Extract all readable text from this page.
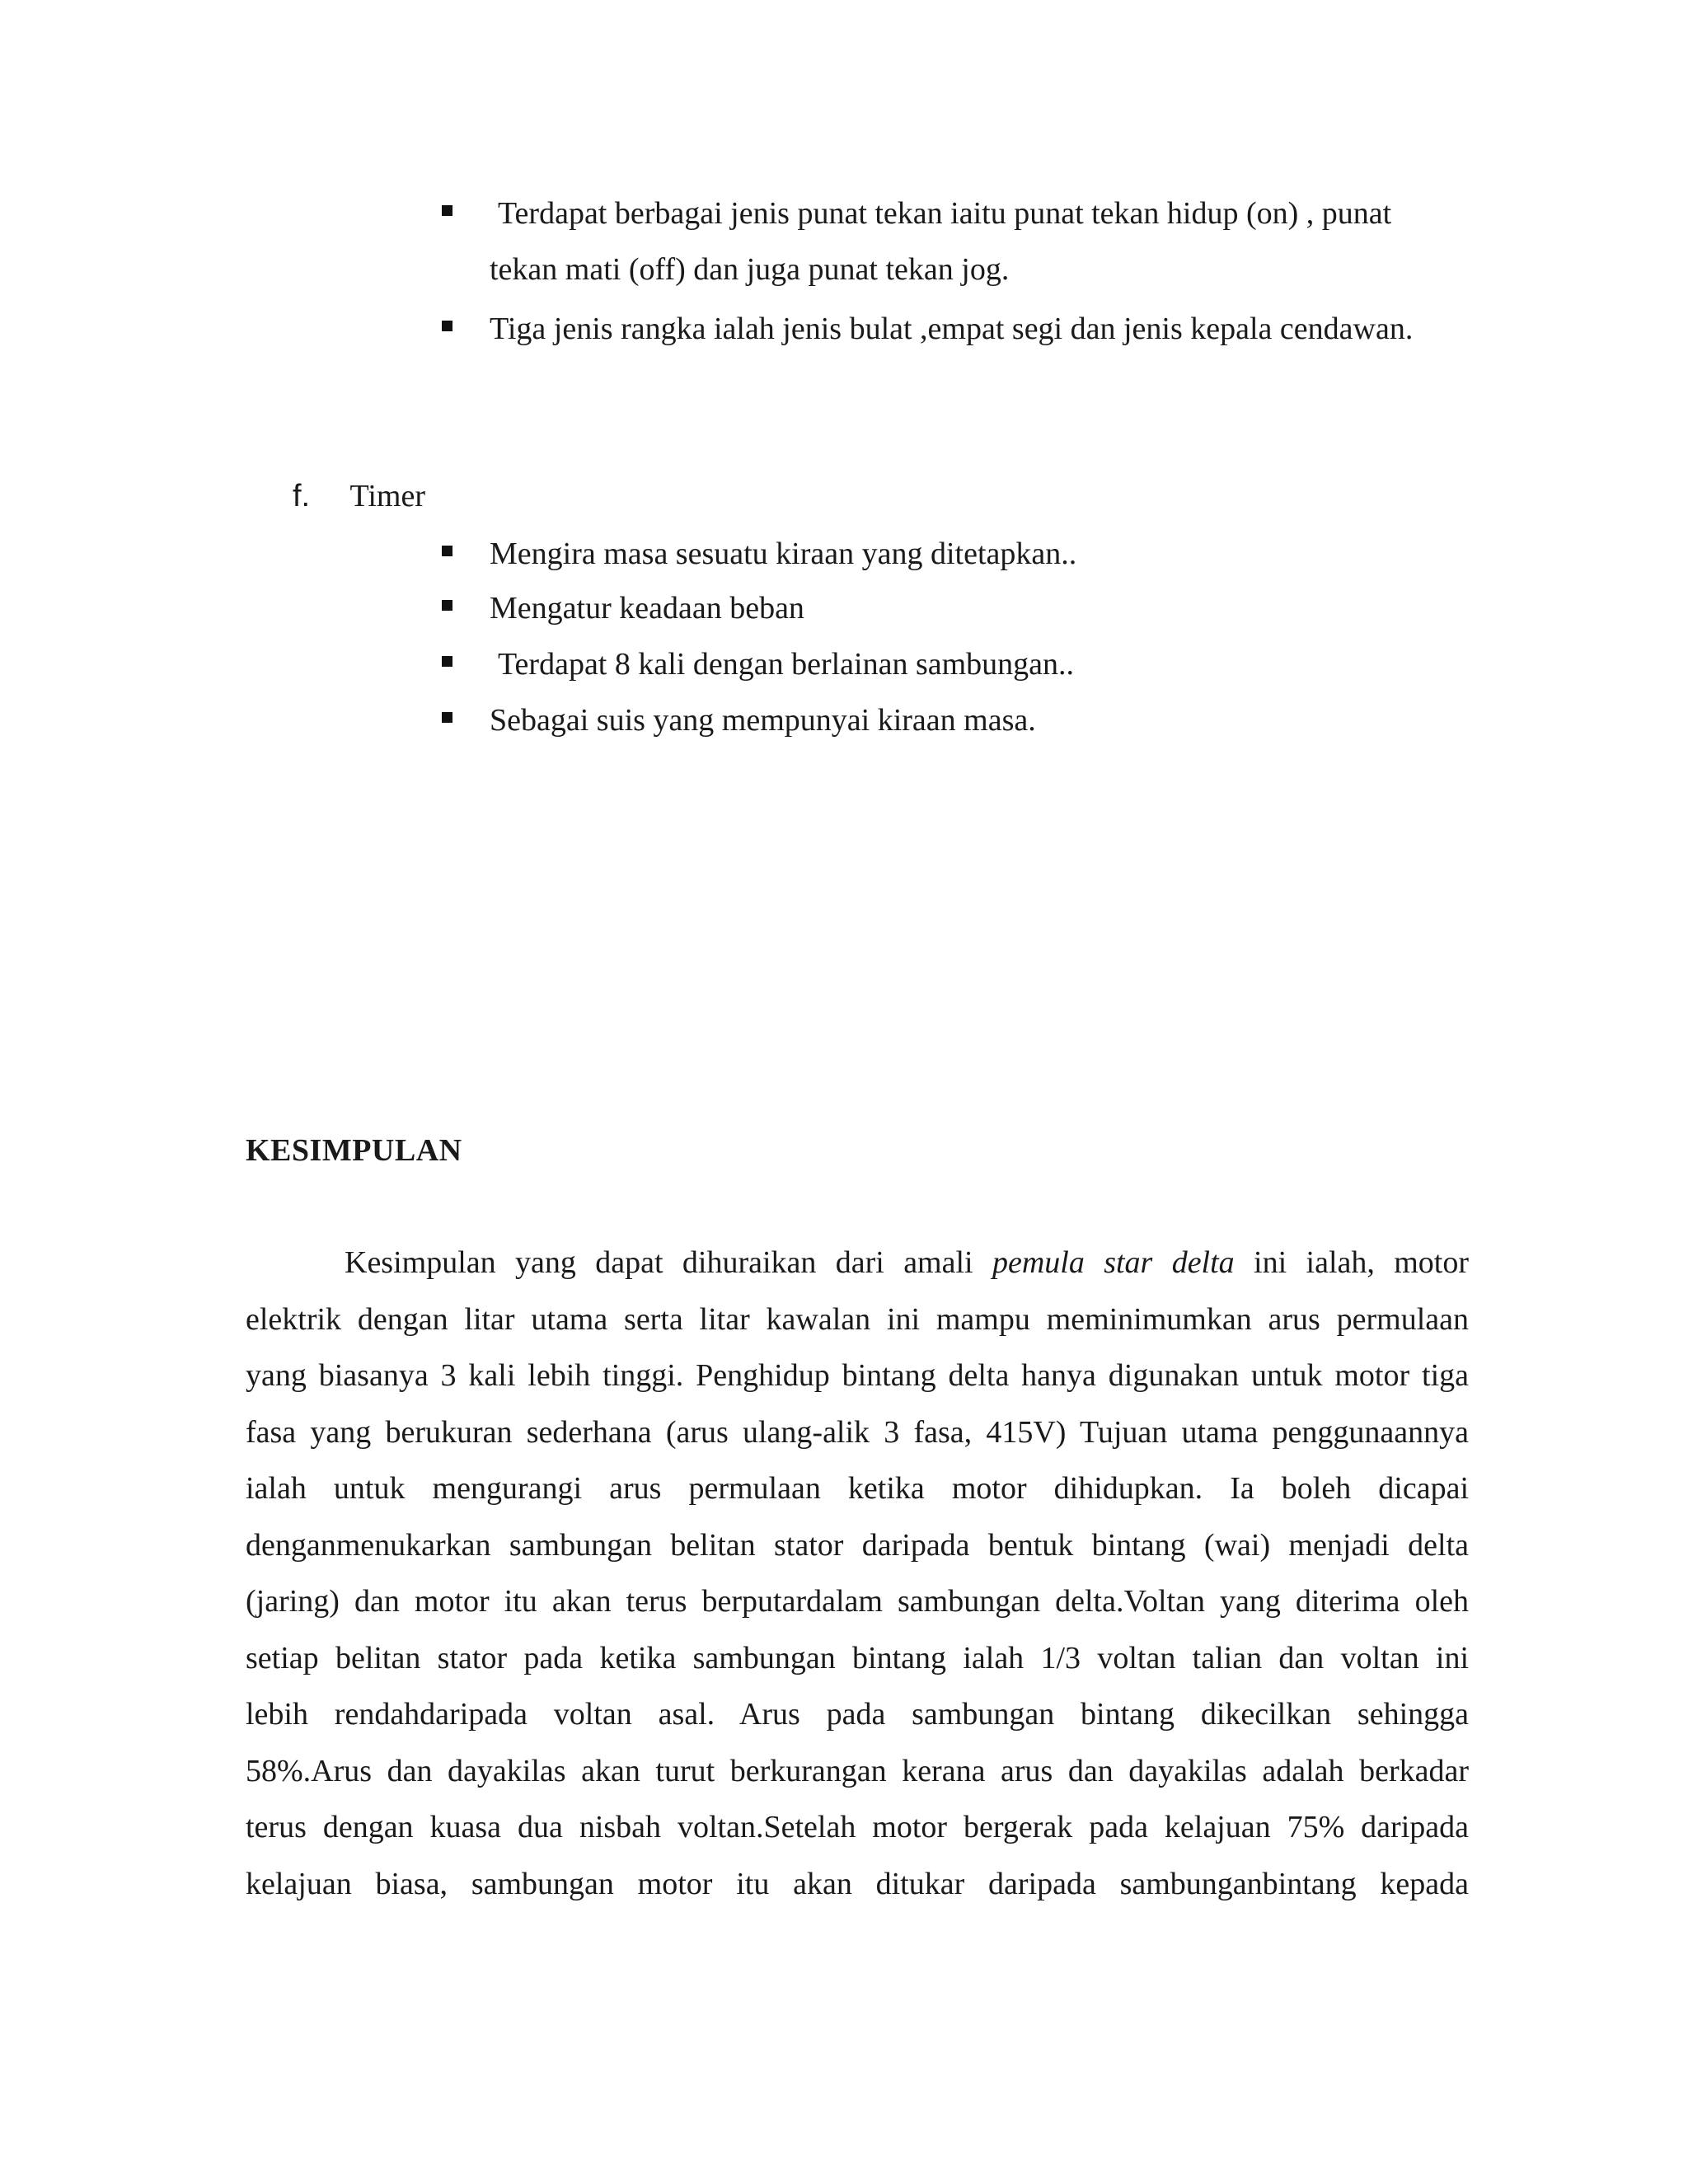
Terdapat berbagai jenis punat tekan iaitu punat tekan hidup (on) , punat
tekan mati (off) dan juga punat tekan jog.
Tiga jenis rangka ialah jenis bulat ,empat segi dan jenis kepala cendawan.
f. Timer
Mengira masa sesuatu kiraan yang ditetapkan..
Mengatur keadaan beban
Terdapat 8 kali dengan berlainan sambungan..
Sebagai suis yang mempunyai kiraan masa.
KESIMPULAN
Kesimpulan yang dapat dihuraikan dari amali pemula star delta ini ialah, motor
elektrik dengan litar utama serta litar kawalan ini mampu meminimumkan arus permulaan
yang biasanya 3 kali lebih tinggi. Penghidup bintang delta hanya digunakan untuk motor tiga
fasa yang berukuran sederhana (arus ulang-alik 3 fasa, 415V) Tujuan utama penggunaannya
ialah untuk mengurangi arus permulaan ketika motor dihidupkan. Ia boleh dicapai
denganmenukarkan sambungan belitan stator daripada bentuk bintang (wai) menjadi delta
(jaring) dan motor itu akan terus berputardalam sambungan delta.Voltan yang diterima oleh
setiap belitan stator pada ketika sambungan bintang ialah 1/3 voltan talian dan voltan ini
lebih rendahdaripada voltan asal. Arus pada sambungan bintang dikecilkan sehingga
58%.Arus dan dayakilas akan turut berkurangan kerana arus dan dayakilas adalah berkadar
terus dengan kuasa dua nisbah voltan.Setelah motor bergerak pada kelajuan 75% daripada
kelajuan biasa, sambungan motor itu akan ditukar daripada sambunganbintang kepada
